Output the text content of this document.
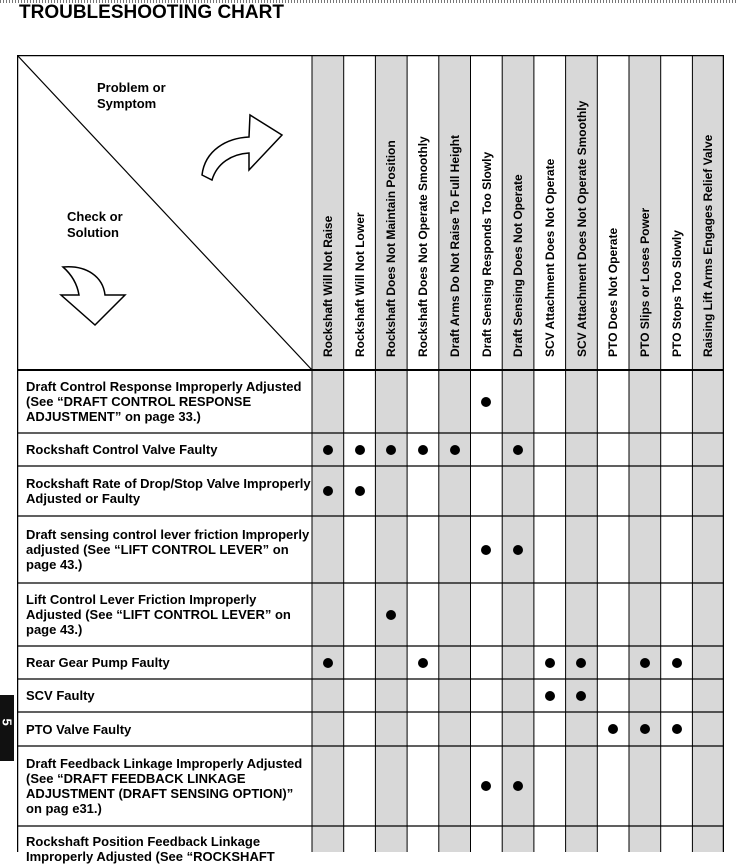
TROUBLESHOOTING CHART
5
Problem or Symptom
Check or Solution	Rockshaft Will Not Raise Rockshaft Will Not Lower Rockshaft Does Not Maintain Position Rockshaft Does Not Operate Smoothly Draft Arms Do Not Raise To Full Height Draft Sensing Responds Too Slowly Draft Sensing Does Not Operate SCV Attachment Does Not Operate SCV Attachment Does Not Operate Smoothly PTO Does Not Operate PTO Slips or Loses Power PTO Stops Too Slowly Raising Lift Arms Engages Relief Valve
Draft Control Response Improperly Adjusted (See “DRAFT CONTROL RESPONSE ADJUSTMENT” on page 33.)
Rockshaft Control Valve Faulty
Rockshaft Rate of Drop/Stop Valve Improperly Adjusted or Faulty
Draft sensing control lever friction Improperly adjusted (See “LIFT CONTROL LEVER” on page 43.)
Lift Control Lever Friction Improperly Adjusted (See “LIFT CONTROL LEVER” on page 43.)
Rear Gear Pump Faulty
SCV Faulty
PTO Valve Faulty
Draft Feedback Linkage Improperly Adjusted (See “DRAFT FEEDBACK LINKAGE ADJUSTMENT (DRAFT SENSING OPTION)” on pag e31.)
Rockshaft Position Feedback Linkage Improperly Adjusted (See “ROCKSHAFT
